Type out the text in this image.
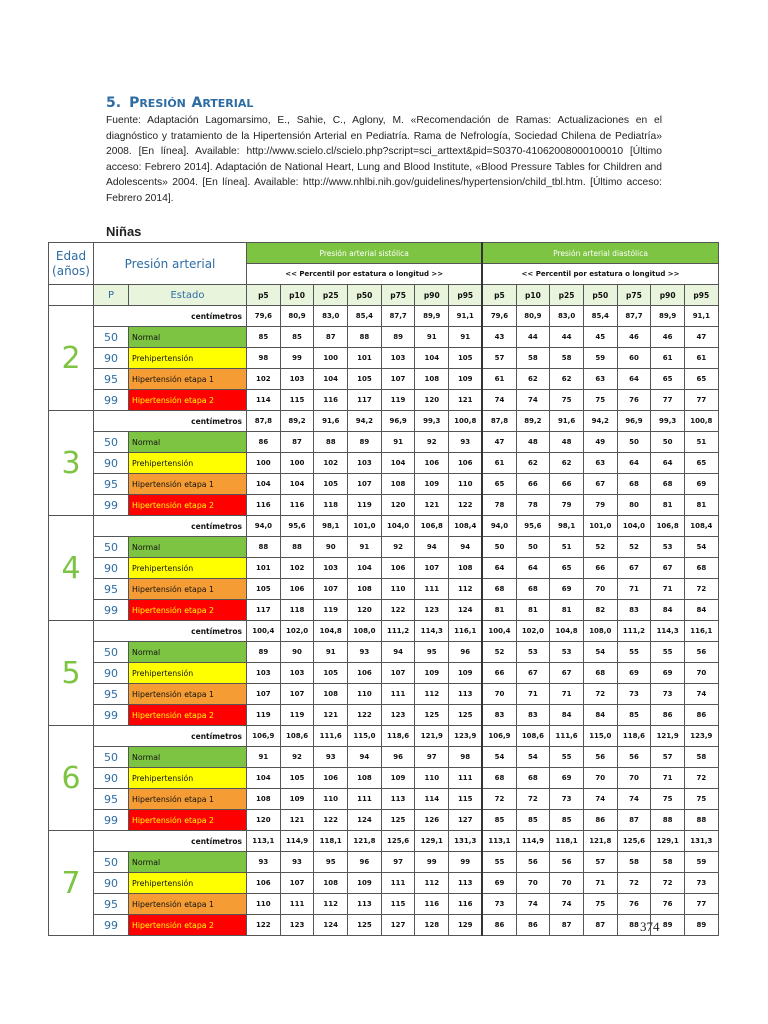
5. PRESIÓN ARTERIAL
Fuente: Adaptación Lagomarsimo, E., Sahie, C., Aglony, M. «Recomendación de Ramas: Actualizaciones en el diagnóstico y tratamiento de la Hipertensión Arterial en Pediatría. Rama de Nefrología, Sociedad Chilena de Pediatría» 2008. [En línea]. Available: http://www.scielo.cl/scielo.php?script=sci_arttext&pid=S0370-41062008000100010 [Último acceso: Febrero 2014]. Adaptación de National Heart, Lung and Blood Institute, «Blood Pressure Tables for Children and Adolescents» 2004. [En línea]. Available: http://www.nhlbi.nih.gov/guidelines/hypertension/child_tbl.htm. [Último acceso: Febrero 2014].
Niñas
Edad (años)	Presión arterial		Presión arterial sistólica							Presión arterial diastólica						
			<< Percentil por estatura o longitud >>							<< Percentil por estatura o longitud >>						
	P	Estado	p5	p10	p25	p50	p75	p90	p95	p5	p10	p25	p50	p75	p90	p95
2	centímetros		79,6	80,9	83,0	85,4	87,7	89,9	91,1	79,6	80,9	83,0	85,4	87,7	89,9	91,1
	50	Normal	85	85	87	88	89	91	91	43	44	44	45	46	46	47
	90	Prehipertensión	98	99	100	101	103	104	105	57	58	58	59	60	61	61
	95	Hipertensión etapa 1	102	103	104	105	107	108	109	61	62	62	63	64	65	65
	99	Hipertensión etapa 2	114	115	116	117	119	120	121	74	74	75	75	76	77	77
3	centímetros		87,8	89,2	91,6	94,2	96,9	99,3	100,8	87,8	89,2	91,6	94,2	96,9	99,3	100,8
	50	Normal	86	87	88	89	91	92	93	47	48	48	49	50	50	51
	90	Prehipertensión	100	100	102	103	104	106	106	61	62	62	63	64	64	65
	95	Hipertensión etapa 1	104	104	105	107	108	109	110	65	66	66	67	68	68	69
	99	Hipertensión etapa 2	116	116	118	119	120	121	122	78	78	79	79	80	81	81
4	centímetros		94,0	95,6	98,1	101,0	104,0	106,8	108,4	94,0	95,6	98,1	101,0	104,0	106,8	108,4
	50	Normal	88	88	90	91	92	94	94	50	50	51	52	52	53	54
	90	Prehipertensión	101	102	103	104	106	107	108	64	64	65	66	67	67	68
	95	Hipertensión etapa 1	105	106	107	108	110	111	112	68	68	69	70	71	71	72
	99	Hipertensión etapa 2	117	118	119	120	122	123	124	81	81	81	82	83	84	84
5	centímetros		100,4	102,0	104,8	108,0	111,2	114,3	116,1	100,4	102,0	104,8	108,0	111,2	114,3	116,1
	50	Normal	89	90	91	93	94	95	96	52	53	53	54	55	55	56
	90	Prehipertensión	103	103	105	106	107	109	109	66	67	67	68	69	69	70
	95	Hipertensión etapa 1	107	107	108	110	111	112	113	70	71	71	72	73	73	74
	99	Hipertensión etapa 2	119	119	121	122	123	125	125	83	83	84	84	85	86	86
6	centímetros		106,9	108,6	111,6	115,0	118,6	121,9	123,9	106,9	108,6	111,6	115,0	118,6	121,9	123,9
	50	Normal	91	92	93	94	96	97	98	54	54	55	56	56	57	58
	90	Prehipertensión	104	105	106	108	109	110	111	68	68	69	70	70	71	72
	95	Hipertensión etapa 1	108	109	110	111	113	114	115	72	72	73	74	74	75	75
	99	Hipertensión etapa 2	120	121	122	124	125	126	127	85	85	85	86	87	88	88
7	centímetros		113,1	114,9	118,1	121,8	125,6	129,1	131,3	113,1	114,9	118,1	121,8	125,6	129,1	131,3
	50	Normal	93	93	95	96	97	99	99	55	56	56	57	58	58	59
	90	Prehipertensión	106	107	108	109	111	112	113	69	70	70	71	72	72	73
	95	Hipertensión etapa 1	110	111	112	113	115	116	116	73	74	74	75	76	76	77
	99	Hipertensión etapa 2	122	123	124	125	127	128	129	86	86	87	87	88	89	89
374
